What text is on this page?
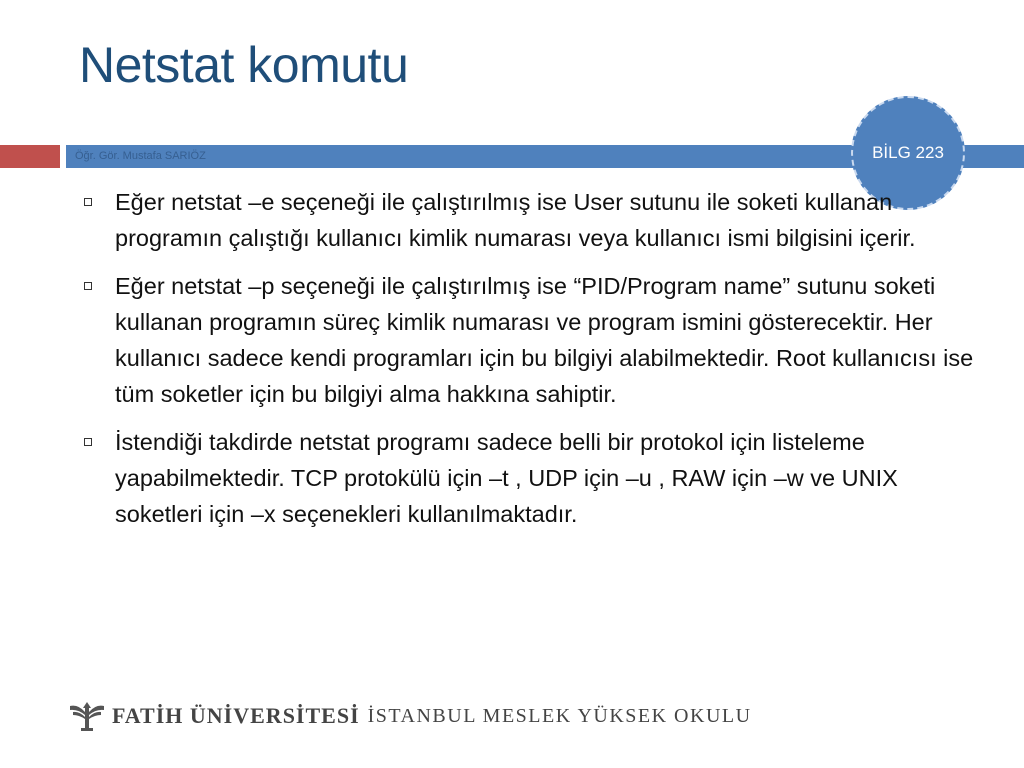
Netstat komutu
Öğr. Gör. Mustafa SARIÖZ	BİLG 223
Eğer netstat –e seçeneği ile çalıştırılmış ise User sutunu ile soketi kullanan programın çalıştığı kullanıcı kimlik numarası veya kullanıcı ismi bilgisini içerir.
Eğer netstat –p seçeneği ile çalıştırılmış ise “PID/Program name” sutunu soketi kullanan programın süreç kimlik numarası ve program ismini gösterecektir. Her kullanıcı sadece kendi programları için bu bilgiyi alabilmektedir. Root kullanıcısı ise tüm soketler için bu bilgiyi alma hakkına sahiptir.
İstendiği takdirde netstat programı sadece belli bir protokol için listeleme yapabilmektedir. TCP protokülü için –t , UDP için –u , RAW için –w ve UNIX soketleri için –x seçenekleri kullanılmaktadır.
FATİH ÜNİVERSİTESİ İSTANBUL MESLEK YÜKSEK OKULU
